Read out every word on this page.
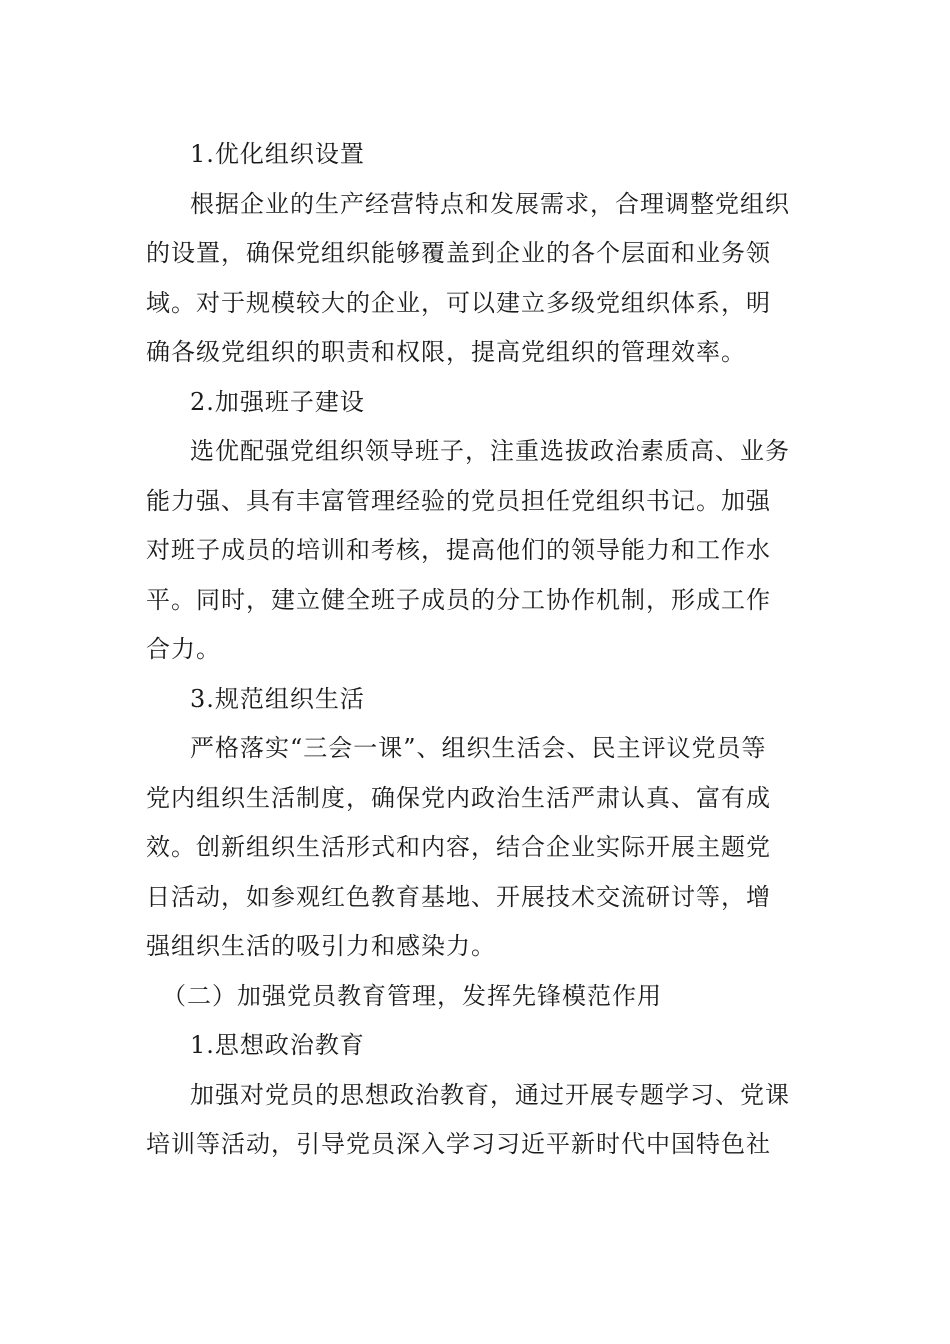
1.优化组织设置
根据企业的生产经营特点和发展需求，合理调整党组织
的设置，确保党组织能够覆盖到企业的各个层面和业务领
域。对于规模较大的企业，可以建立多级党组织体系，明
确各级党组织的职责和权限，提高党组织的管理效率。
2.加强班子建设
选优配强党组织领导班子，注重选拔政治素质高、业务
能力强、具有丰富管理经验的党员担任党组织书记。加强
对班子成员的培训和考核，提高他们的领导能力和工作水
平。同时，建立健全班子成员的分工协作机制，形成工作
合力。
3.规范组织生活
严格落实“三会一课”、组织生活会、民主评议党员等
党内组织生活制度，确保党内政治生活严肃认真、富有成
效。创新组织生活形式和内容，结合企业实际开展主题党
日活动，如参观红色教育基地、开展技术交流研讨等，增
强组织生活的吸引力和感染力。
（二）加强党员教育管理，发挥先锋模范作用
1.思想政治教育
加强对党员的思想政治教育，通过开展专题学习、党课
培训等活动，引导党员深入学习习近平新时代中国特色社
